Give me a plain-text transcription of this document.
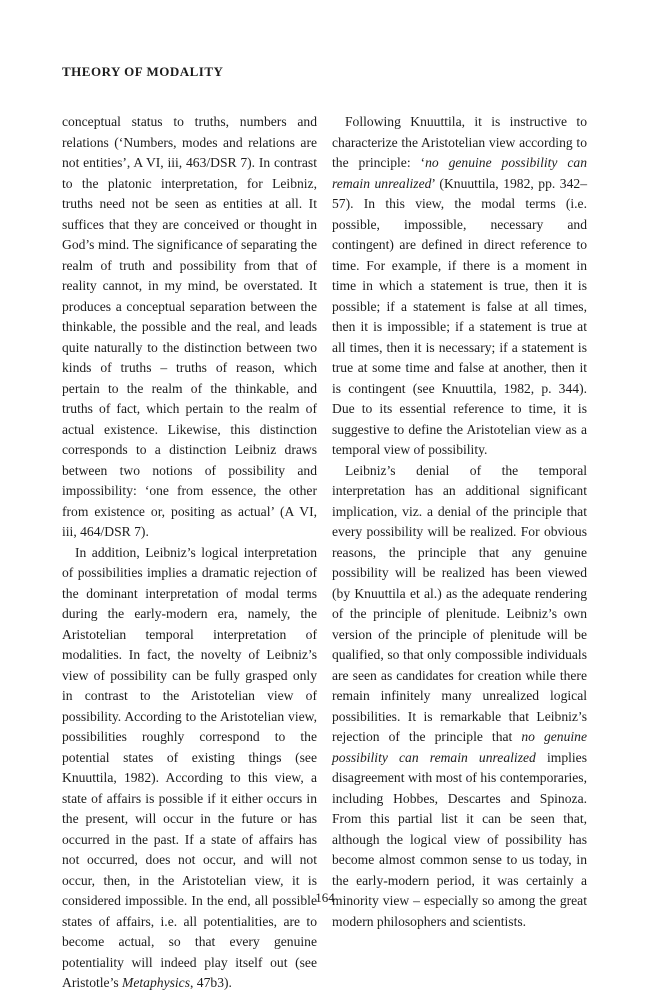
THEORY OF MODALITY

conceptual status to truths, numbers and relations (‘Numbers, modes and relations are not entities’, A VI, iii, 463/DSR 7). In contrast to the platonic interpretation, for Leibniz, truths need not be seen as entities at all. It suffices that they are conceived or thought in God’s mind. The significance of separating the realm of truth and possibility from that of reality cannot, in my mind, be overstated. It produces a conceptual separation between the thinkable, the possible and the real, and leads quite naturally to the distinction between two kinds of truths – truths of reason, which pertain to the realm of the thinkable, and truths of fact, which pertain to the realm of actual existence. Likewise, this distinction corresponds to a distinction Leibniz draws between two notions of possibility and impossibility: ‘one from essence, the other from existence or, positing as actual’ (A VI, iii, 464/DSR 7).

In addition, Leibniz’s logical interpretation of possibilities implies a dramatic rejection of the dominant interpretation of modal terms during the early-modern era, namely, the Aristotelian temporal interpretation of modalities. In fact, the novelty of Leibniz’s view of possibility can be fully grasped only in contrast to the Aristotelian view of possibility. According to the Aristotelian view, possibilities roughly correspond to the potential states of existing things (see Knuuttila, 1982). According to this view, a state of affairs is possible if it either occurs in the present, will occur in the future or has occurred in the past. If a state of affairs has not occurred, does not occur, and will not occur, then, in the Aristotelian view, it is considered impossible. In the end, all possible states of affairs, i.e. all potentialities, are to become actual, so that every genuine potentiality will indeed play itself out (see Aristotle’s Metaphysics, 47b3).

Following Knuuttila, it is instructive to characterize the Aristotelian view according to the principle: ‘no genuine possibility can remain unrealized’ (Knuuttila, 1982, pp. 342–57). In this view, the modal terms (i.e. possible, impossible, necessary and contingent) are defined in direct reference to time. For example, if there is a moment in time in which a statement is true, then it is possible; if a statement is false at all times, then it is impossible; if a statement is true at all times, then it is necessary; if a statement is true at some time and false at another, then it is contingent (see Knuuttila, 1982, p. 344). Due to its essential reference to time, it is suggestive to define the Aristotelian view as a temporal view of possibility.

Leibniz’s denial of the temporal interpretation has an additional significant implication, viz. a denial of the principle that every possibility will be realized. For obvious reasons, the principle that any genuine possibility will be realized has been viewed (by Knuuttila et al.) as the adequate rendering of the principle of plenitude. Leibniz’s own version of the principle of plenitude will be qualified, so that only compossible individuals are seen as candidates for creation while there remain infinitely many unrealized logical possibilities. It is remarkable that Leibniz’s rejection of the principle that no genuine possibility can remain unrealized implies disagreement with most of his contemporaries, including Hobbes, Descartes and Spinoza. From this partial list it can be seen that, although the logical view of possibility has become almost common sense to us today, in the early-modern period, it was certainly a minority view – especially so among the great modern philosophers and scientists.

164
